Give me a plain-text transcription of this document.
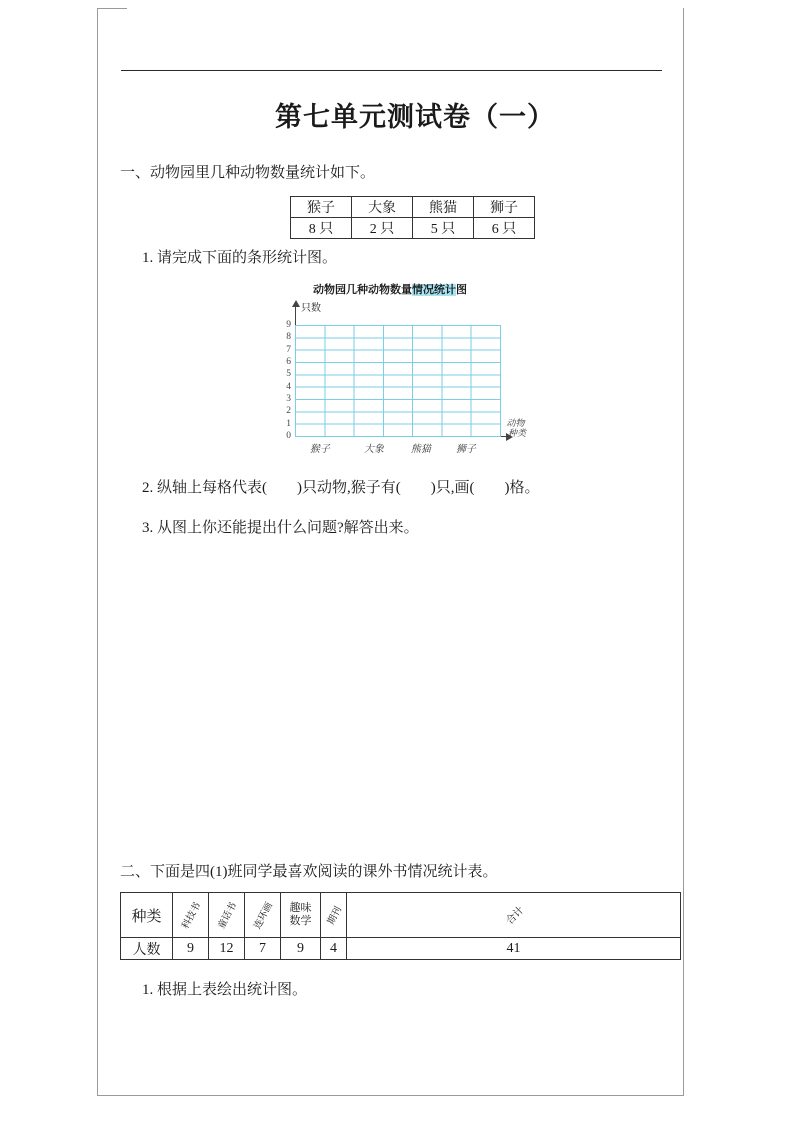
第七单元测试卷（一）
一、动物园里几种动物数量统计如下。
猴子	大象	熊猫	狮子
8 只	2 只	5 只	6 只
1. 请完成下面的条形统计图。
动物园几种动物数量情况统计图
只数
9
8
7
6
5
4
3
2
1
0
猴子	大象	熊猫	狮子
动物
种类
2. 纵轴上每格代表(　　)只动物,猴子有(　　)只,画(　　)格。
3. 从图上你还能提出什么问题?解答出来。
二、下面是四(1)班同学最喜欢阅读的课外书情况统计表。
种类	科技书	童话书	连环画	趣味数学	期刊	合计
人数	9	12	7	9	4	41
1. 根据上表绘出统计图。
